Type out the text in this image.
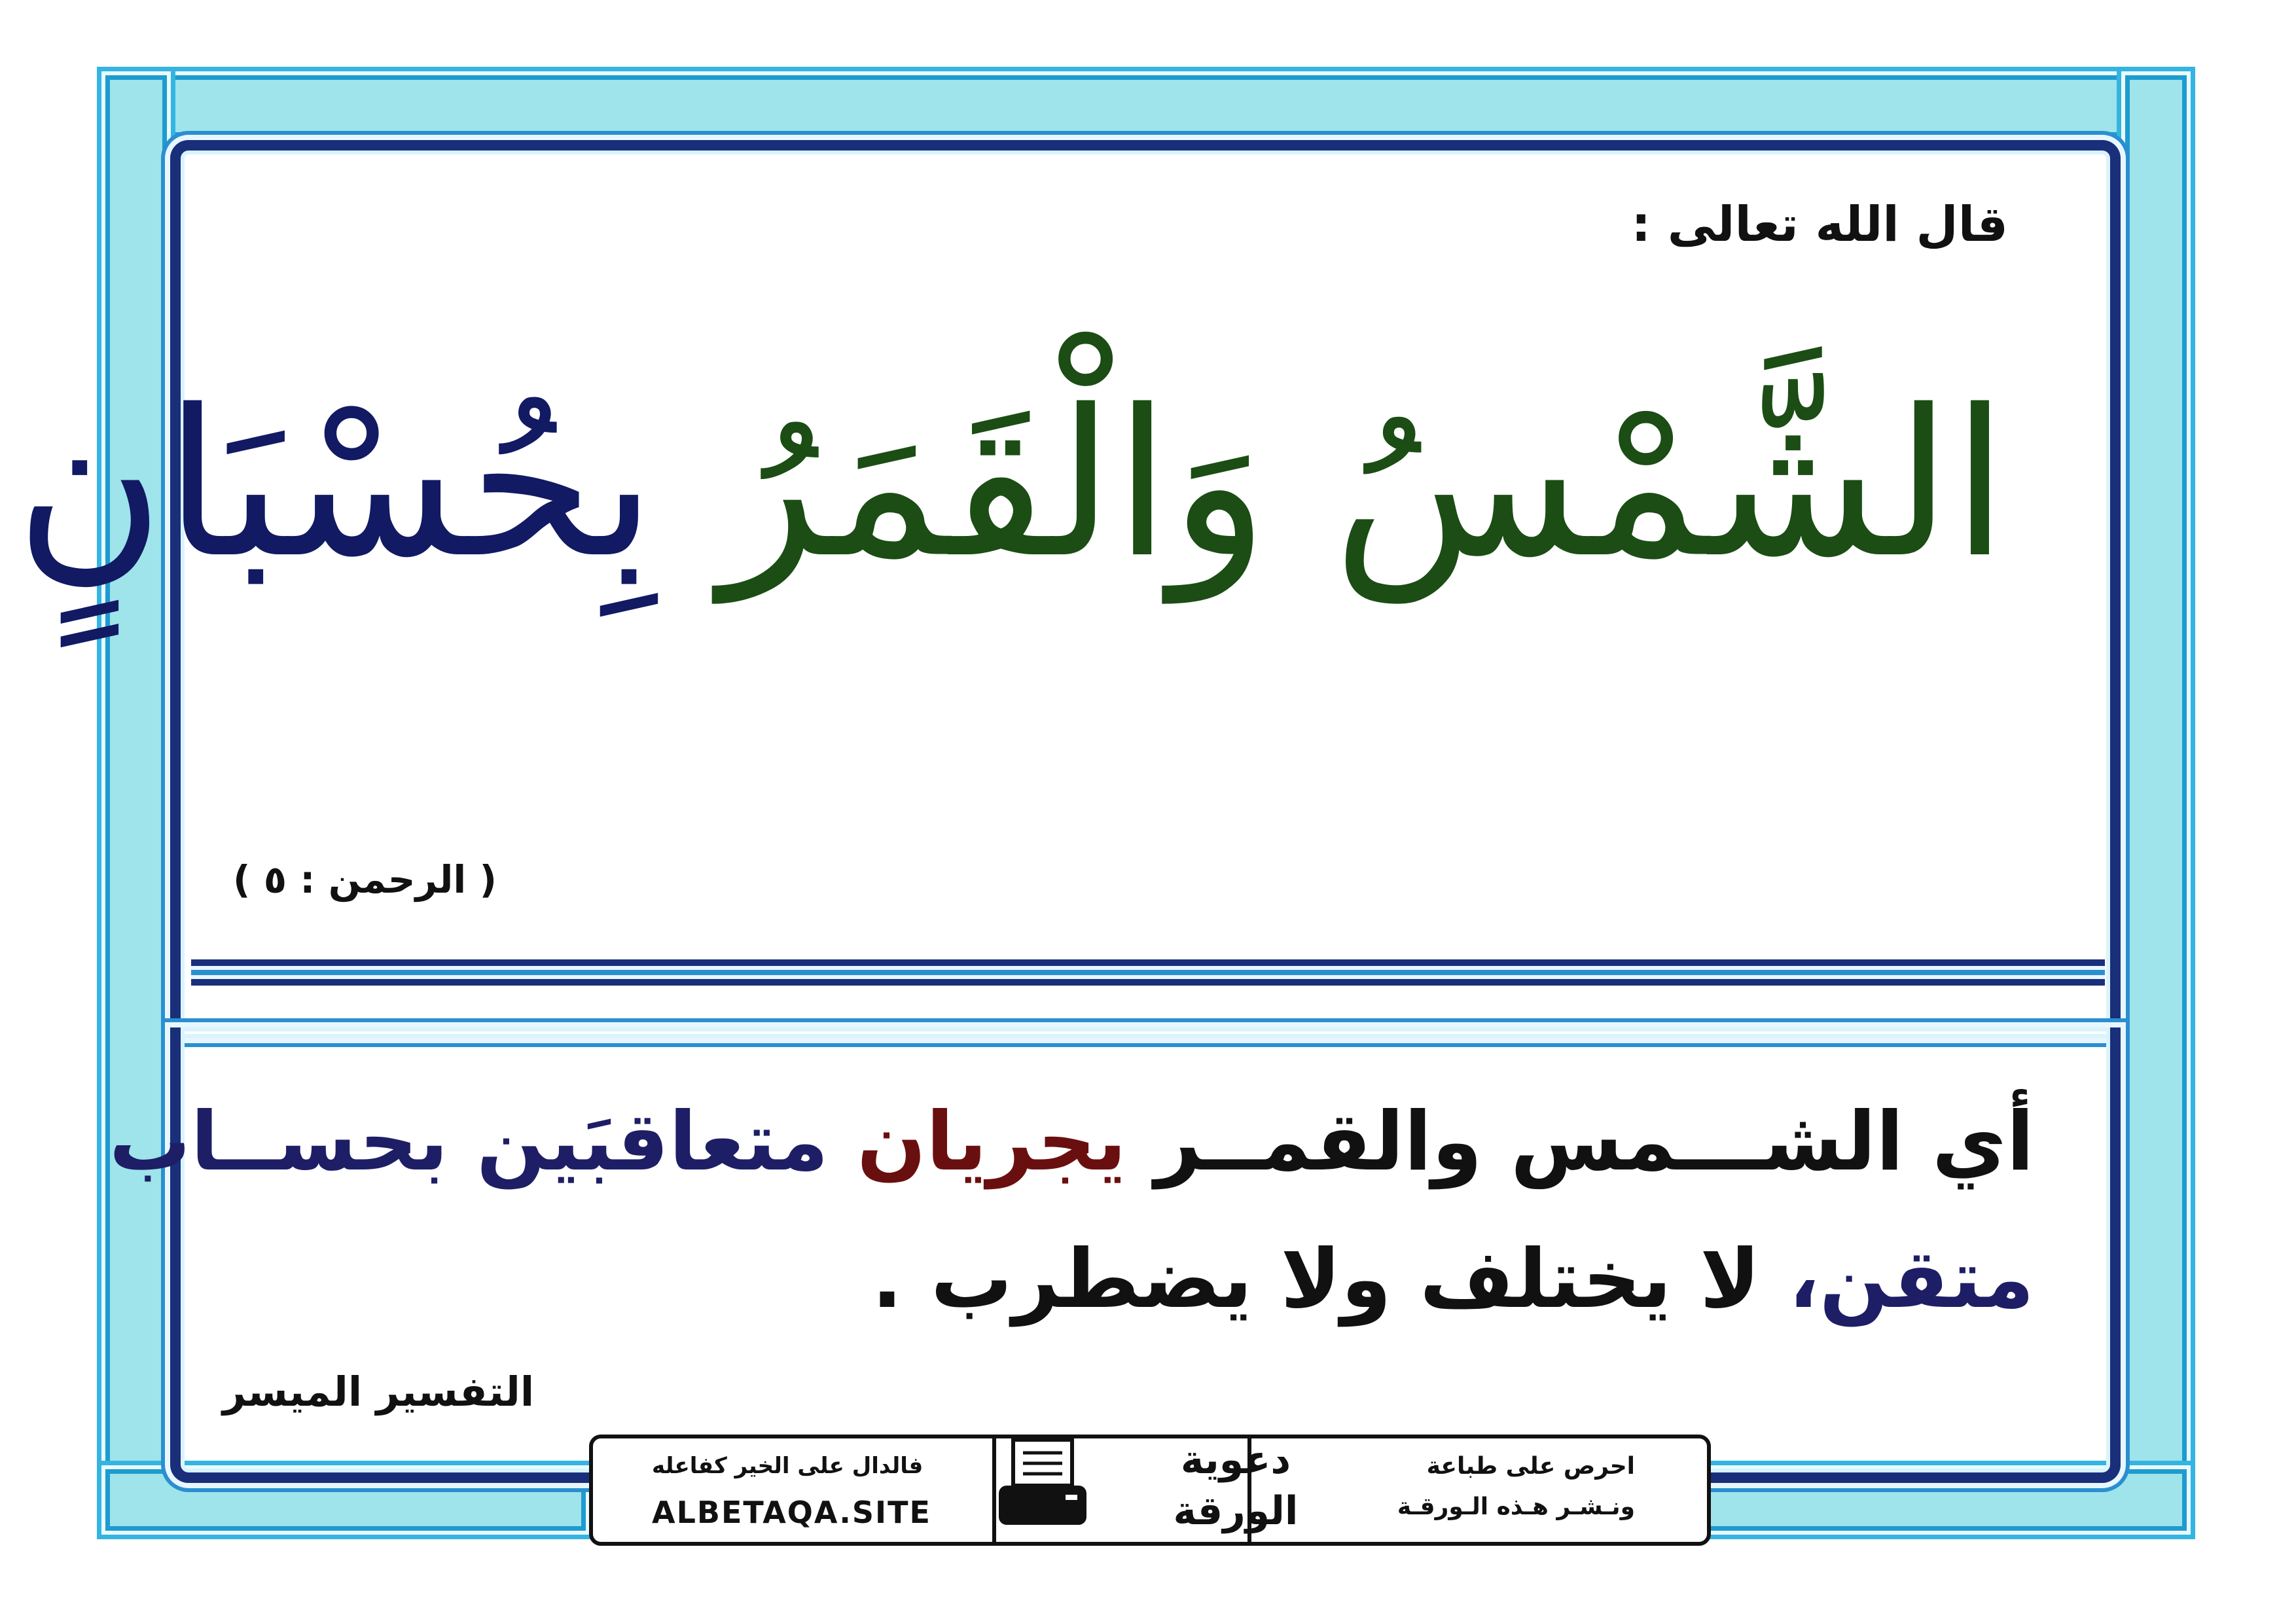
قال الله تعالى :
الشَّمْسُ وَالْقَمَرُ بِحُسْبَانٍ
( الرحمن : ٥ )
أي الشـــمس والقمــر يجريان متعاقبَين بحســاب
متقن، لا يختلف ولا يضطرب .
التفسير الميسر
فالدال على الخير كفاعله
ALBETAQA.SITE
احرص على طباعة
ونـشـر هـذه الـورقـة
دعوية
الورقة
